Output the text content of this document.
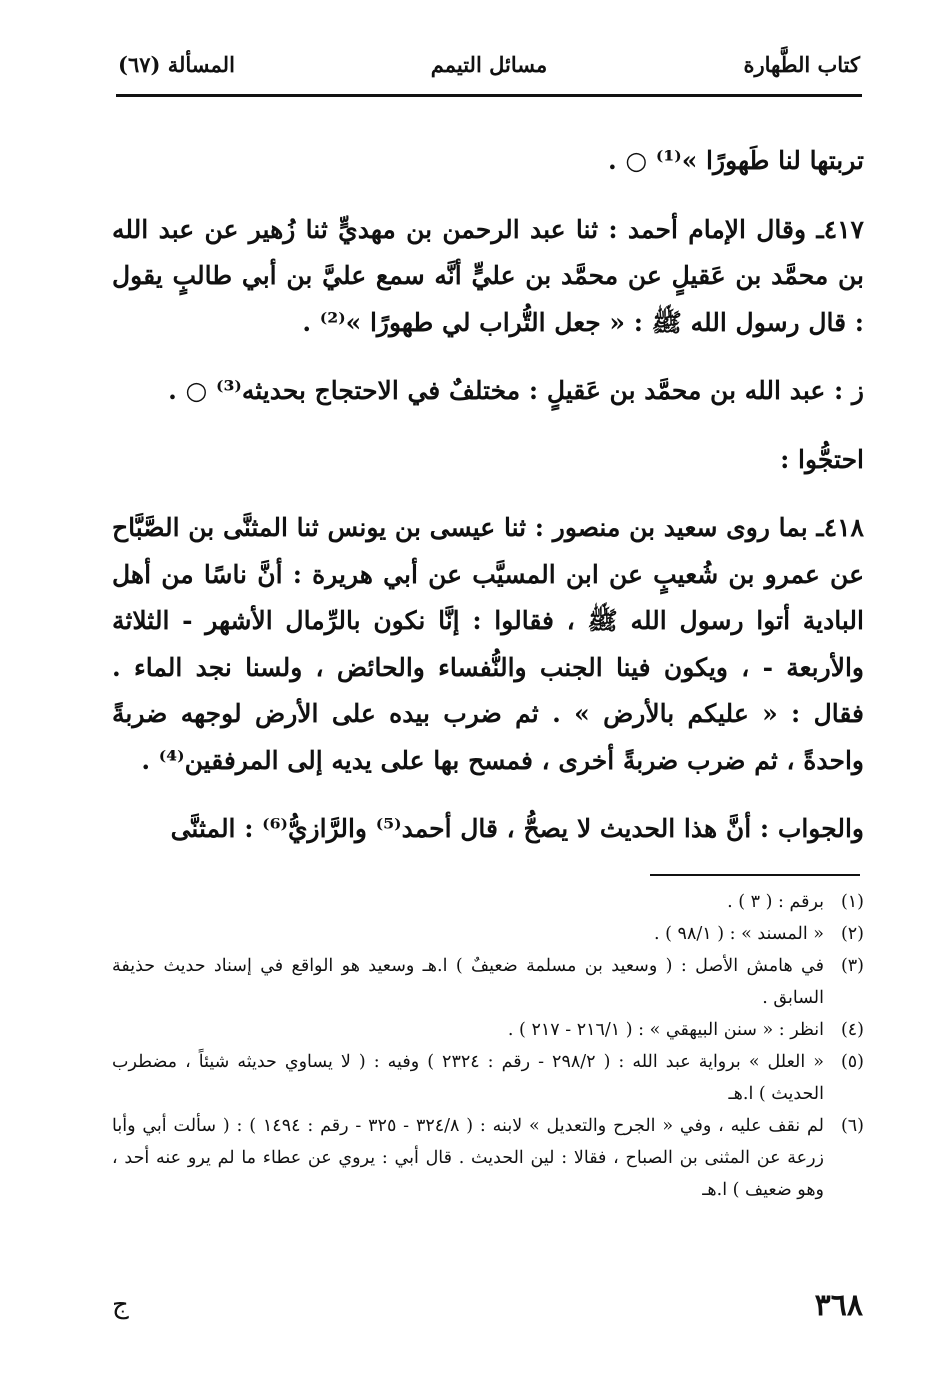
كتاب الطَّهارة
مسائل التيمم
المسألة (٦٧)

تربتها لنا طَهورًا »⁽¹⁾ ○ .

٤١٧ـ وقال الإمام أحمد : ثنا عبد الرحمن بن مهديٍّ ثنا زُهير عن عبد الله بن محمَّد بن عَقيلٍ عن محمَّد بن عليٍّ أنَّه سمع عليَّ بن أبي طالبٍ يقول : قال رسول الله ﷺ : « جعل التُّراب لي طهورًا »⁽²⁾ .

ز : عبد الله بن محمَّد بن عَقيلٍ : مختلفٌ في الاحتجاج بحديثه⁽³⁾ ○ .

احتجُّوا :

٤١٨ـ بما روى سعيد بن منصور : ثنا عيسى بن يونس ثنا المثنَّى بن الصَّبَّاح عن عمرو بن شُعيبٍ عن ابن المسيَّب عن أبي هريرة : أنَّ ناسًا من أهل البادية أتوا رسول الله ﷺ ، فقالوا : إنَّا نكون بالرِّمال الأشهر - الثلاثة والأربعة - ، ويكون فينا الجنب والنُّفساء والحائض ، ولسنا نجد الماء . فقال : « عليكم بالأرض » . ثم ضرب بيده على الأرض لوجهه ضربةً واحدةً ، ثم ضرب ضربةً أخرى ، فمسح بها على يديه إلى المرفقين⁽⁴⁾ .

والجواب : أنَّ هذا الحديث لا يصحُّ ، قال أحمد⁽⁵⁾ والرَّازيُّ⁽⁶⁾ : المثنَّى

(١)
برقم : ( ٣ ) .
(٢)
« المسند » : ( ٩٨/١ ) .
(٣)
في هامش الأصل : ( وسعيد بن مسلمة ضعيفٌ ) ا.هـ وسعيد هو الواقع في إسناد حديث حذيفة السابق .
(٤)
انظر : « سنن البيهقي » : ( ٢١٦/١ - ٢١٧ ) .
(٥)
« العلل » برواية عبد الله : ( ٢٩٨/٢ - رقم : ٢٣٢٤ ) وفيه : ( لا يساوي حديثه شيئاً ، مضطرب الحديث ) ا.هـ
(٦)
لم نقف عليه ، وفي « الجرح والتعديل » لابنه : ( ٣٢٤/٨ - ٣٢٥ - رقم : ١٤٩٤ ) : ( سألت أبي وأبا زرعة عن المثنى بن الصباح ، فقالا : لين الحديث . قال أبي : يروي عن عطاء ما لم يرو عنه أحد ، وهو ضعيف ) ا.هـ
٣٦٨
ج
